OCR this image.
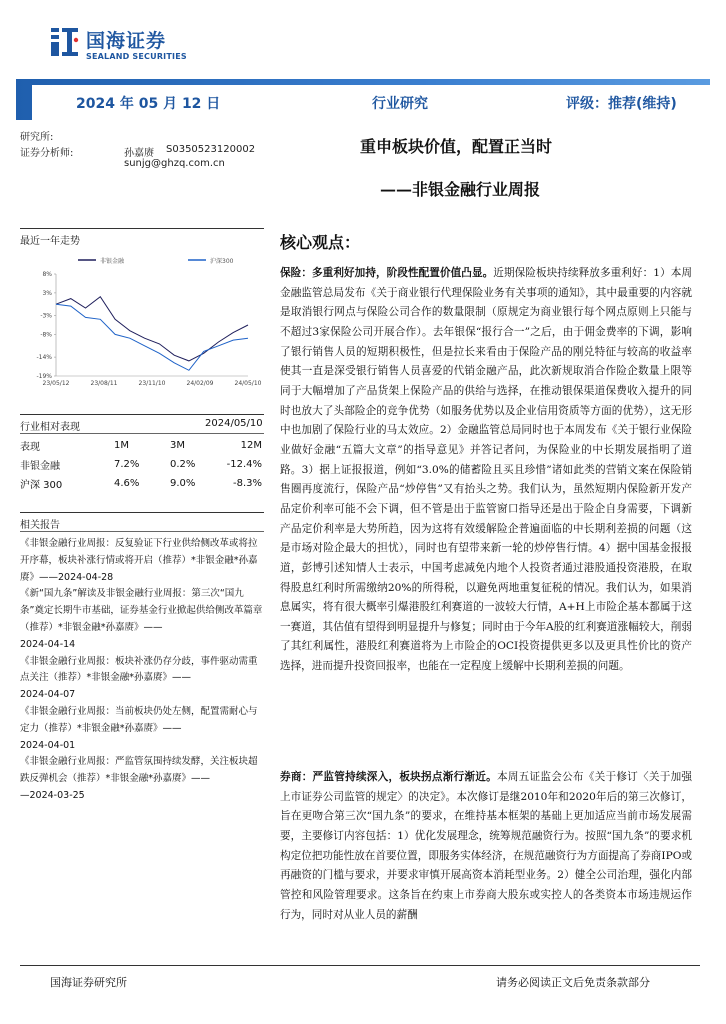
国海证券
SEALAND SECURITIES
2024 年 05 月 12 日	行业研究	评级：推荐(维持)
研究所:
证券分析师:	孙嘉赓 S0350523120002
sunjg@ghzq.com.cn
重申板块价值，配置正当时
——非银金融行业周报
最近一年走势
非银金融	沪深300
8%
3%
-3%
-8%
-14%
-19%
23/05/12	23/08/11	23/11/10	24/02/09	24/05/10
行业相对表现	2024/05/10
表现	1M	3M	12M
非银金融	7.2%	0.2%	-12.4%
沪深 300	4.6%	9.0%	-8.3%
相关报告

《非银金融行业周报：反复验证下行业供给侧改革或将拉开序幕，板块补涨行情或将开启（推荐）*非银金融*孙嘉赓》——2024-04-28

《新“国九条”解读及非银金融行业周报：第三次“国九条”奠定长期牛市基础，证券基金行业掀起供给侧改革篇章（推荐）*非银金融*孙嘉赓》——

2024-04-14

《非银金融行业周报：板块补涨仍存分歧，事件驱动需重点关注（推荐）*非银金融*孙嘉赓》——

2024-04-07

《非银金融行业周报：当前板块仍处左侧，配置需耐心与定力（推荐）*非银金融*孙嘉赓》——

2024-04-01

《非银金融行业周报：严监管氛围持续发酵，关注板块超跌反弹机会（推荐）*非银金融*孙嘉赓》——

—2024-03-25

核心观点：

保险：多重利好加持，阶段性配置价值凸显。近期保险板块持续释放多重利好：1）本周金融监管总局发布《关于商业银行代理保险业务有关事项的通知》，其中最重要的内容就是取消银行网点与保险公司合作的数量限制（原规定为商业银行每个网点原则上只能与不超过3家保险公司开展合作）。去年银保“报行合一”之后，由于佣金费率的下调，影响了银行销售人员的短期积极性，但是拉长来看由于保险产品的刚兑特征与较高的收益率使其一直是深受银行销售人员喜爱的代销金融产品，此次新规取消合作险企数量上限等同于大幅增加了产品货架上保险产品的供给与选择，在推动银保渠道保费收入提升的同时也放大了头部险企的竞争优势（如服务优势以及企业信用资质等方面的优势），这无形中也加剧了保险行业的马太效应。2）金融监管总局同时也于本周发布《关于银行业保险业做好金融“五篇大文章”的指导意见》并答记者问，为保险业的中长期发展指明了道路。3）据上证报报道，例如“3.0%的储蓄险且买且珍惜”诸如此类的营销文案在保险销售圈再度流行，保险产品“炒停售”又有抬头之势。我们认为，虽然短期内保险新开发产品定价利率可能不会下调，但不管是出于监管窗口指导还是出于险企自身需要，下调新产品定价利率是大势所趋，因为这将有效缓解险企普遍面临的中长期利差损的问题（这是市场对险企最大的担忧），同时也有望带来新一轮的炒停售行情。4）据中国基金报报道，彭博引述知情人士表示，中国考虑减免内地个人投资者通过港股通投资港股，在取得股息红利时所需缴纳20%的所得税，以避免两地重复征税的情况。我们认为，如果消息属实，将有很大概率引爆港股红利赛道的一波较大行情，A+H上市险企基本都属于这一赛道，其估值有望得到明显提升与修复；同时由于今年A股的红利赛道涨幅较大，削弱了其红利属性，港股红利赛道将为上市险企的OCI投资提供更多以及更具性价比的资产选择，进而提升投资回报率，也能在一定程度上缓解中长期利差损的问题。

券商：严监管持续深入，板块拐点渐行渐近。本周五证监会公布《关于修订〈关于加强上市证券公司监管的规定〉的决定》。本次修订是继2010年和2020年后的第三次修订，旨在更吻合第三次“国九条”的要求，在维持基本框架的基础上更加适应当前市场发展需要，主要修订内容包括：1）优化发展理念，统筹规范融资行为。按照“国九条”的要求机构定位把功能性放在首要位置，即服务实体经济，在规范融资行为方面提高了券商IPO或再融资的门槛与要求，并要求审慎开展高资本消耗型业务。2）健全公司治理，强化内部管控和风险管理要求。这条旨在约束上市券商大股东或实控人的各类资本市场违规运作行为，同时对从业人员的薪酬

国海证券研究所	请务必阅读正文后免责条款部分
